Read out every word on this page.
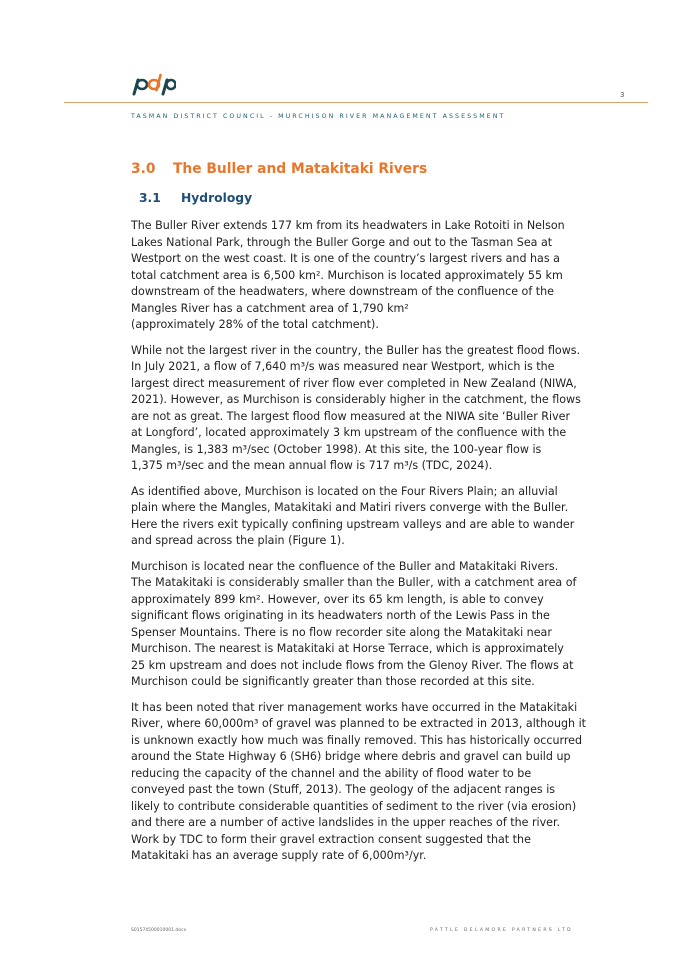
3
TASMAN DISTRICT COUNCIL - MURCHISON RIVER MANAGEMENT ASSESSMENT
3.0 The Buller and Matakitaki Rivers
3.1 Hydrology

The Buller River extends 177 km from its headwaters in Lake Rotoiti in Nelson
Lakes National Park, through the Buller Gorge and out to the Tasman Sea at
Westport on the west coast. It is one of the country’s largest rivers and has a
total catchment area is 6,500 km². Murchison is located approximately 55 km
downstream of the headwaters, where downstream of the confluence of the
Mangles River has a catchment area of 1,790 km²
(approximately 28% of the total catchment).

While not the largest river in the country, the Buller has the greatest flood flows.
In July 2021, a flow of 7,640 m³/s was measured near Westport, which is the
largest direct measurement of river flow ever completed in New Zealand (NIWA,
2021). However, as Murchison is considerably higher in the catchment, the flows
are not as great. The largest flood flow measured at the NIWA site ‘Buller River
at Longford’, located approximately 3 km upstream of the confluence with the
Mangles, is 1,383 m³/sec (October 1998). At this site, the 100-year flow is
1,375 m³/sec and the mean annual flow is 717 m³/s (TDC, 2024).

As identified above, Murchison is located on the Four Rivers Plain; an alluvial
plain where the Mangles, Matakitaki and Matiri rivers converge with the Buller.
Here the rivers exit typically confining upstream valleys and are able to wander
and spread across the plain (Figure 1).

Murchison is located near the confluence of the Buller and Matakitaki Rivers.
The Matakitaki is considerably smaller than the Buller, with a catchment area of
approximately 899 km². However, over its 65 km length, is able to convey
significant flows originating in its headwaters north of the Lewis Pass in the
Spenser Mountains. There is no flow recorder site along the Matakitaki near
Murchison. The nearest is Matakitaki at Horse Terrace, which is approximately
25 km upstream and does not include flows from the Glenoy River. The flows at
Murchison could be significantly greater than those recorded at this site.

It has been noted that river management works have occurred in the Matakitaki
River, where 60,000m³ of gravel was planned to be extracted in 2013, although it
is unknown exactly how much was finally removed. This has historically occurred
around the State Highway 6 (SH6) bridge where debris and gravel can build up
reducing the capacity of the channel and the ability of flood water to be
conveyed past the town (Stuff, 2013). The geology of the adjacent ranges is
likely to contribute considerable quantities of sediment to the river (via erosion)
and there are a number of active landslides in the upper reaches of the river.
Work by TDC to form their gravel extraction consent suggested that the
Matakitaki has an average supply rate of 6,000m³/yr.

S01574500010001.docx	PATTLE DELAMORE PARTNERS LTD
